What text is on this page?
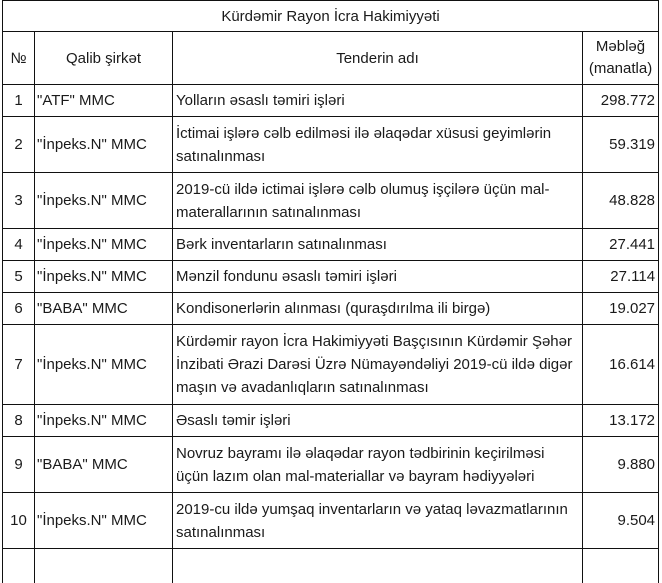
Kürdəmir Rayon İcra Hakimiyyəti			
№	Qalib şirkət	Tenderin adı	Məbləğ
(manatla)
1	"ATF" MMC	Yolların əsaslı təmiri işləri	298.772
2	"İnpeks.N" MMC	İctimai işlərə cəlb edilməsi ilə əlaqədar xüsusi geyimlərin satınalınması	59.319
3	"İnpeks.N" MMC	2019-cü ildə ictimai işlərə cəlb olumuş işçilərə üçün mal-materallarının satınalınması	48.828
4	"İnpeks.N" MMC	Bərk inventarların satınalınması	27.441
5	"İnpeks.N" MMC	Mənzil fondunu əsaslı təmiri işləri	27.114
6	"BABA" MMC	Kondisonerlərin alınması (quraşdırılma ili birgə)	19.027
7	"İnpeks.N" MMC	Kürdəmir rayon İcra Hakimiyyəti Başçısının Kürdəmir Şəhər İnzibati Ərazi Darəsi Üzrə Nümayəndəliyi 2019-cü ildə digər maşın və avadanlıqların satınalınması	16.614
8	"İnpeks.N" MMC	Əsaslı təmir işləri	13.172
9	"BABA" MMC	Novruz bayramı ilə əlaqədar rayon tədbirinin keçirilməsi üçün lazım olan mal-materiallar və bayram hədiyyələri	9.880
10	"İnpeks.N" MMC	2019-cu ildə yumşaq inventarların və yataq ləvazmatlarının satınalınması	9.504
